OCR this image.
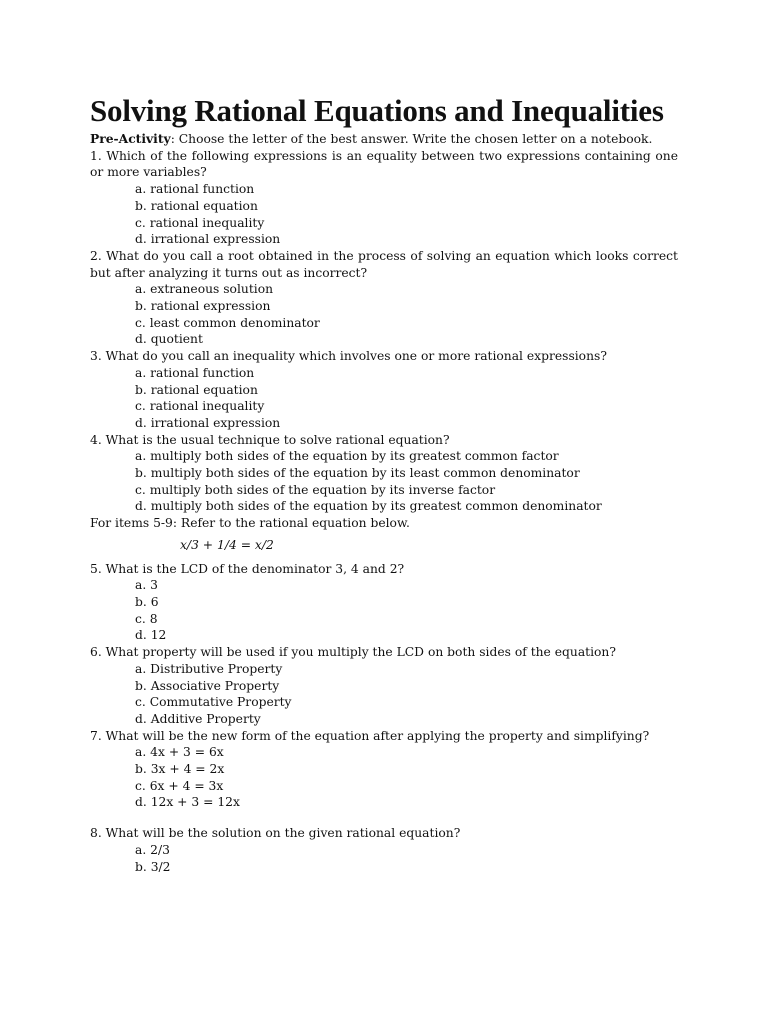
Solving Rational Equations and Inequalities

Pre-Activity: Choose the letter of the best answer. Write the chosen letter on a notebook.

1. Which of the following expressions is an equality between two expressions containing one or more variables?

a. rational function

b. rational equation

c. rational inequality

d. irrational expression

2. What do you call a root obtained in the process of solving an equation which looks correct but after analyzing it turns out as incorrect?

a. extraneous solution

b. rational expression

c. least common denominator

d. quotient

3. What do you call an inequality which involves one or more rational expressions?

a. rational function

b. rational equation

c. rational inequality

d. irrational expression

4. What is the usual technique to solve rational equation?

a. multiply both sides of the equation by its greatest common factor

b. multiply both sides of the equation by its least common denominator

c. multiply both sides of the equation by its inverse factor

d. multiply both sides of the equation by its greatest common denominator

For items 5-9: Refer to the rational equation below.

x/3 + 1/4 = x/2

5. What is the LCD of the denominator 3, 4 and 2?

a. 3

b. 6

c. 8

d. 12

6. What property will be used if you multiply the LCD on both sides of the equation?

a. Distributive Property

b. Associative Property

c. Commutative Property

d. Additive Property

7. What will be the new form of the equation after applying the property and simplifying?

a. 4x + 3 = 6x

b. 3x + 4 = 2x

c. 6x + 4 = 3x

d. 12x + 3 = 12x

8. What will be the solution on the given rational equation?

a. 2/3

b. 3/2
